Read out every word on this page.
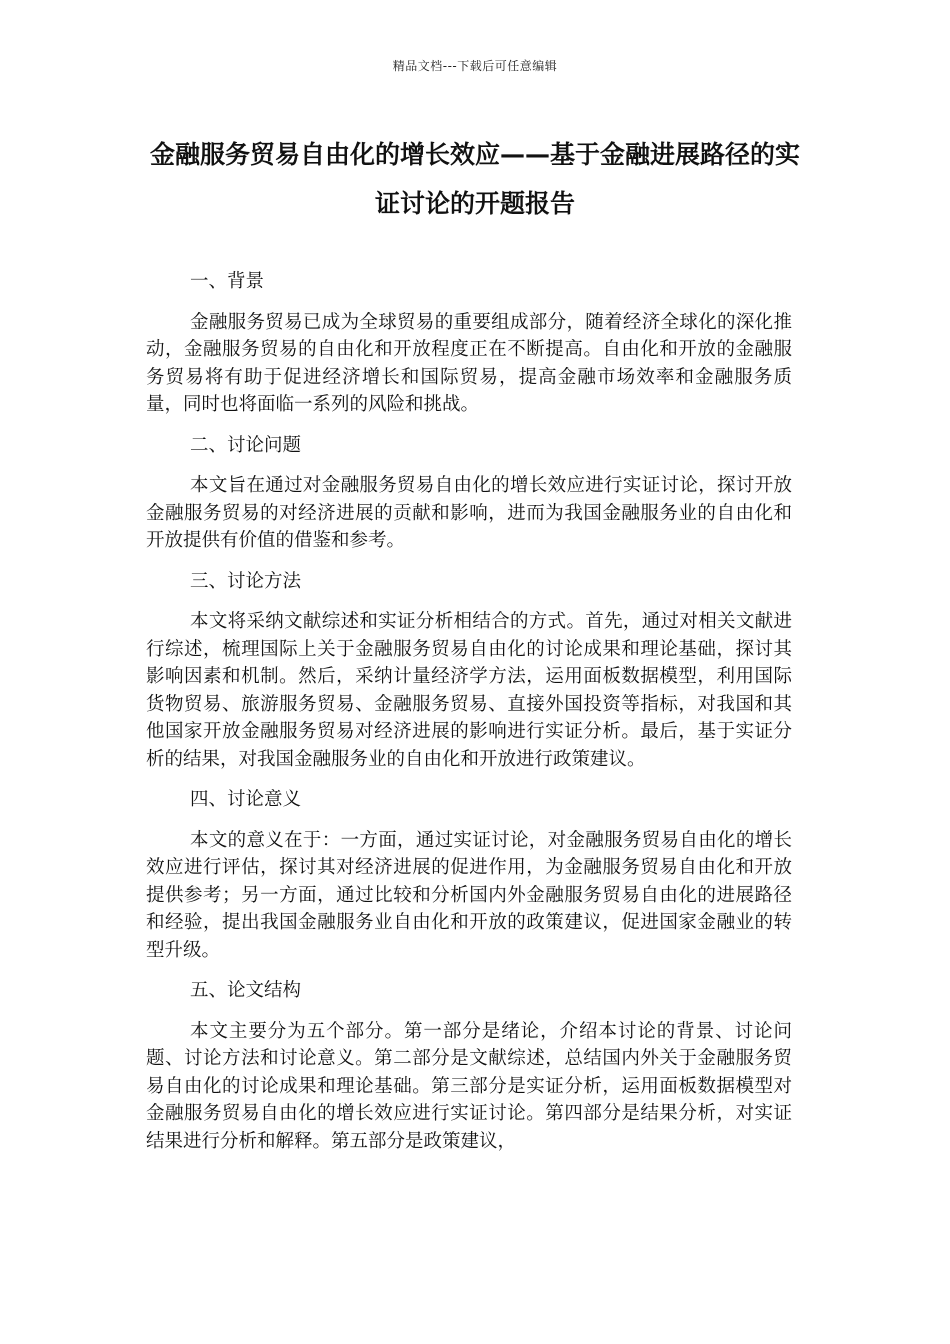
精品文档---下载后可任意编辑
金融服务贸易自由化的增长效应——基于金融进展路径的实证讨论的开题报告
一、背景

金融服务贸易已成为全球贸易的重要组成部分，随着经济全球化的深化推动，金融服务贸易的自由化和开放程度正在不断提高。自由化和开放的金融服务贸易将有助于促进经济增长和国际贸易，提高金融市场效率和金融服务质量，同时也将面临一系列的风险和挑战。

二、讨论问题

本文旨在通过对金融服务贸易自由化的增长效应进行实证讨论，探讨开放金融服务贸易的对经济进展的贡献和影响，进而为我国金融服务业的自由化和开放提供有价值的借鉴和参考。

三、讨论方法

本文将采纳文献综述和实证分析相结合的方式。首先，通过对相关文献进行综述，梳理国际上关于金融服务贸易自由化的讨论成果和理论基础，探讨其影响因素和机制。然后，采纳计量经济学方法，运用面板数据模型，利用国际货物贸易、旅游服务贸易、金融服务贸易、直接外国投资等指标，对我国和其他国家开放金融服务贸易对经济进展的影响进行实证分析。最后，基于实证分析的结果，对我国金融服务业的自由化和开放进行政策建议。

四、讨论意义

本文的意义在于：一方面，通过实证讨论，对金融服务贸易自由化的增长效应进行评估，探讨其对经济进展的促进作用，为金融服务贸易自由化和开放提供参考；另一方面，通过比较和分析国内外金融服务贸易自由化的进展路径和经验，提出我国金融服务业自由化和开放的政策建议，促进国家金融业的转型升级。

五、论文结构

本文主要分为五个部分。第一部分是绪论，介绍本讨论的背景、讨论问题、讨论方法和讨论意义。第二部分是文献综述，总结国内外关于金融服务贸易自由化的讨论成果和理论基础。第三部分是实证分析，运用面板数据模型对金融服务贸易自由化的增长效应进行实证讨论。第四部分是结果分析，对实证结果进行分析和解释。第五部分是政策建议，
